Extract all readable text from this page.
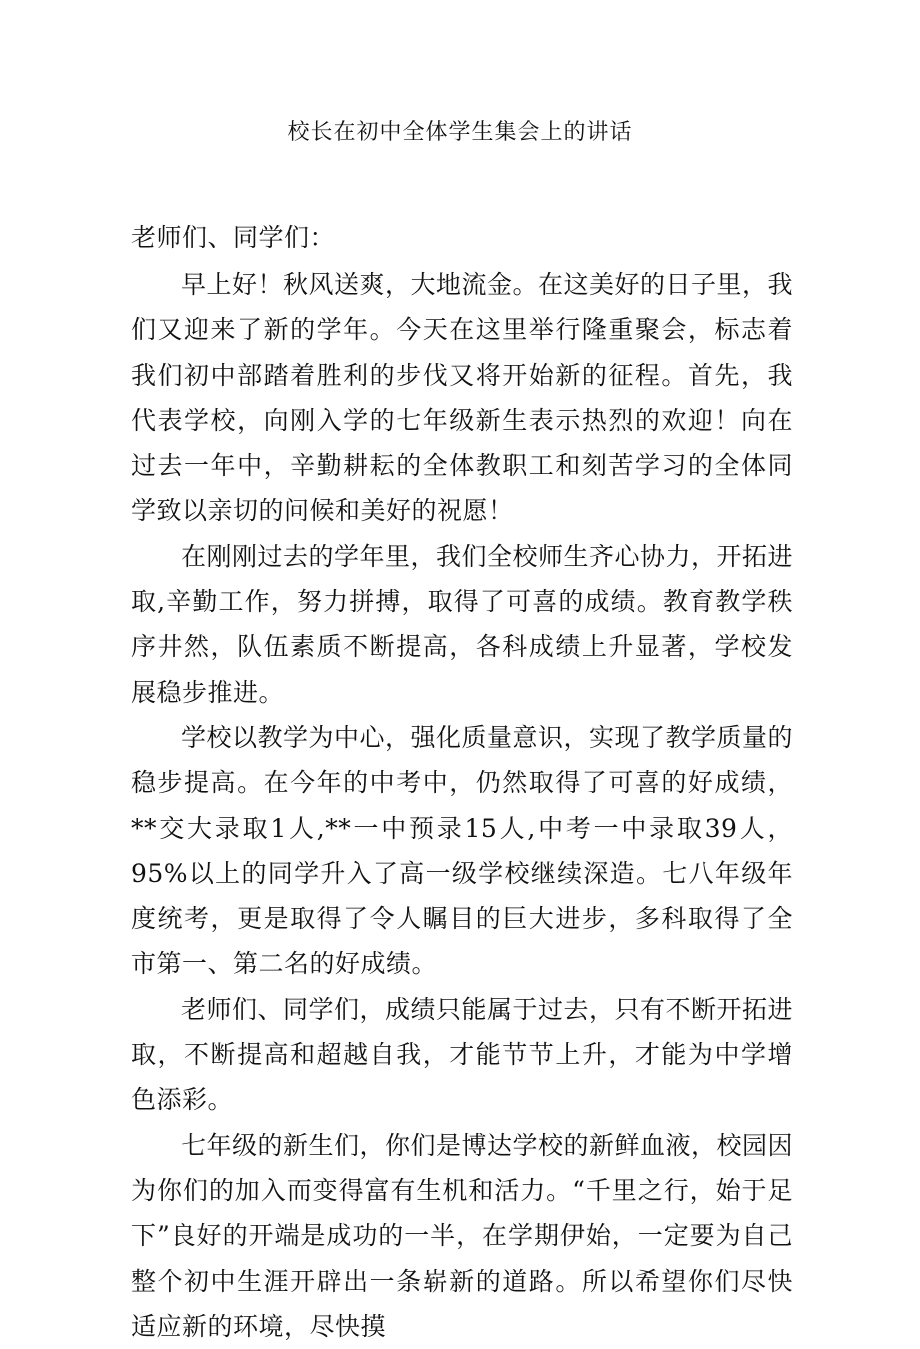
校长在初中全体学生集会上的讲话

老师们、同学们：

早上好！秋风送爽，大地流金。在这美好的日子里，我们又迎来了新的学年。今天在这里举行隆重聚会，标志着我们初中部踏着胜利的步伐又将开始新的征程。首先，我代表学校，向刚入学的七年级新生表示热烈的欢迎！向在过去一年中，辛勤耕耘的全体教职工和刻苦学习的全体同学致以亲切的问候和美好的祝愿！

在刚刚过去的学年里，我们全校师生齐心协力，开拓进取,辛勤工作，努力拼搏，取得了可喜的成绩。教育教学秩序井然，队伍素质不断提高，各科成绩上升显著，学校发展稳步推进。

学校以教学为中心，强化质量意识，实现了教学质量的稳步提高。在今年的中考中，仍然取得了可喜的好成绩，**交大录取1人,**一中预录15人,中考一中录取39人，95%以上的同学升入了高一级学校继续深造。七八年级年度统考，更是取得了令人瞩目的巨大进步，多科取得了全市第一、第二名的好成绩。

老师们、同学们，成绩只能属于过去，只有不断开拓进取，不断提高和超越自我，才能节节上升，才能为中学增色添彩。

七年级的新生们，你们是博达学校的新鲜血液，校园因为你们的加入而变得富有生机和活力。“千里之行，始于足下”良好的开端是成功的一半，在学期伊始，一定要为自己整个初中生涯开辟出一条崭新的道路。所以希望你们尽快适应新的环境，尽快摸
